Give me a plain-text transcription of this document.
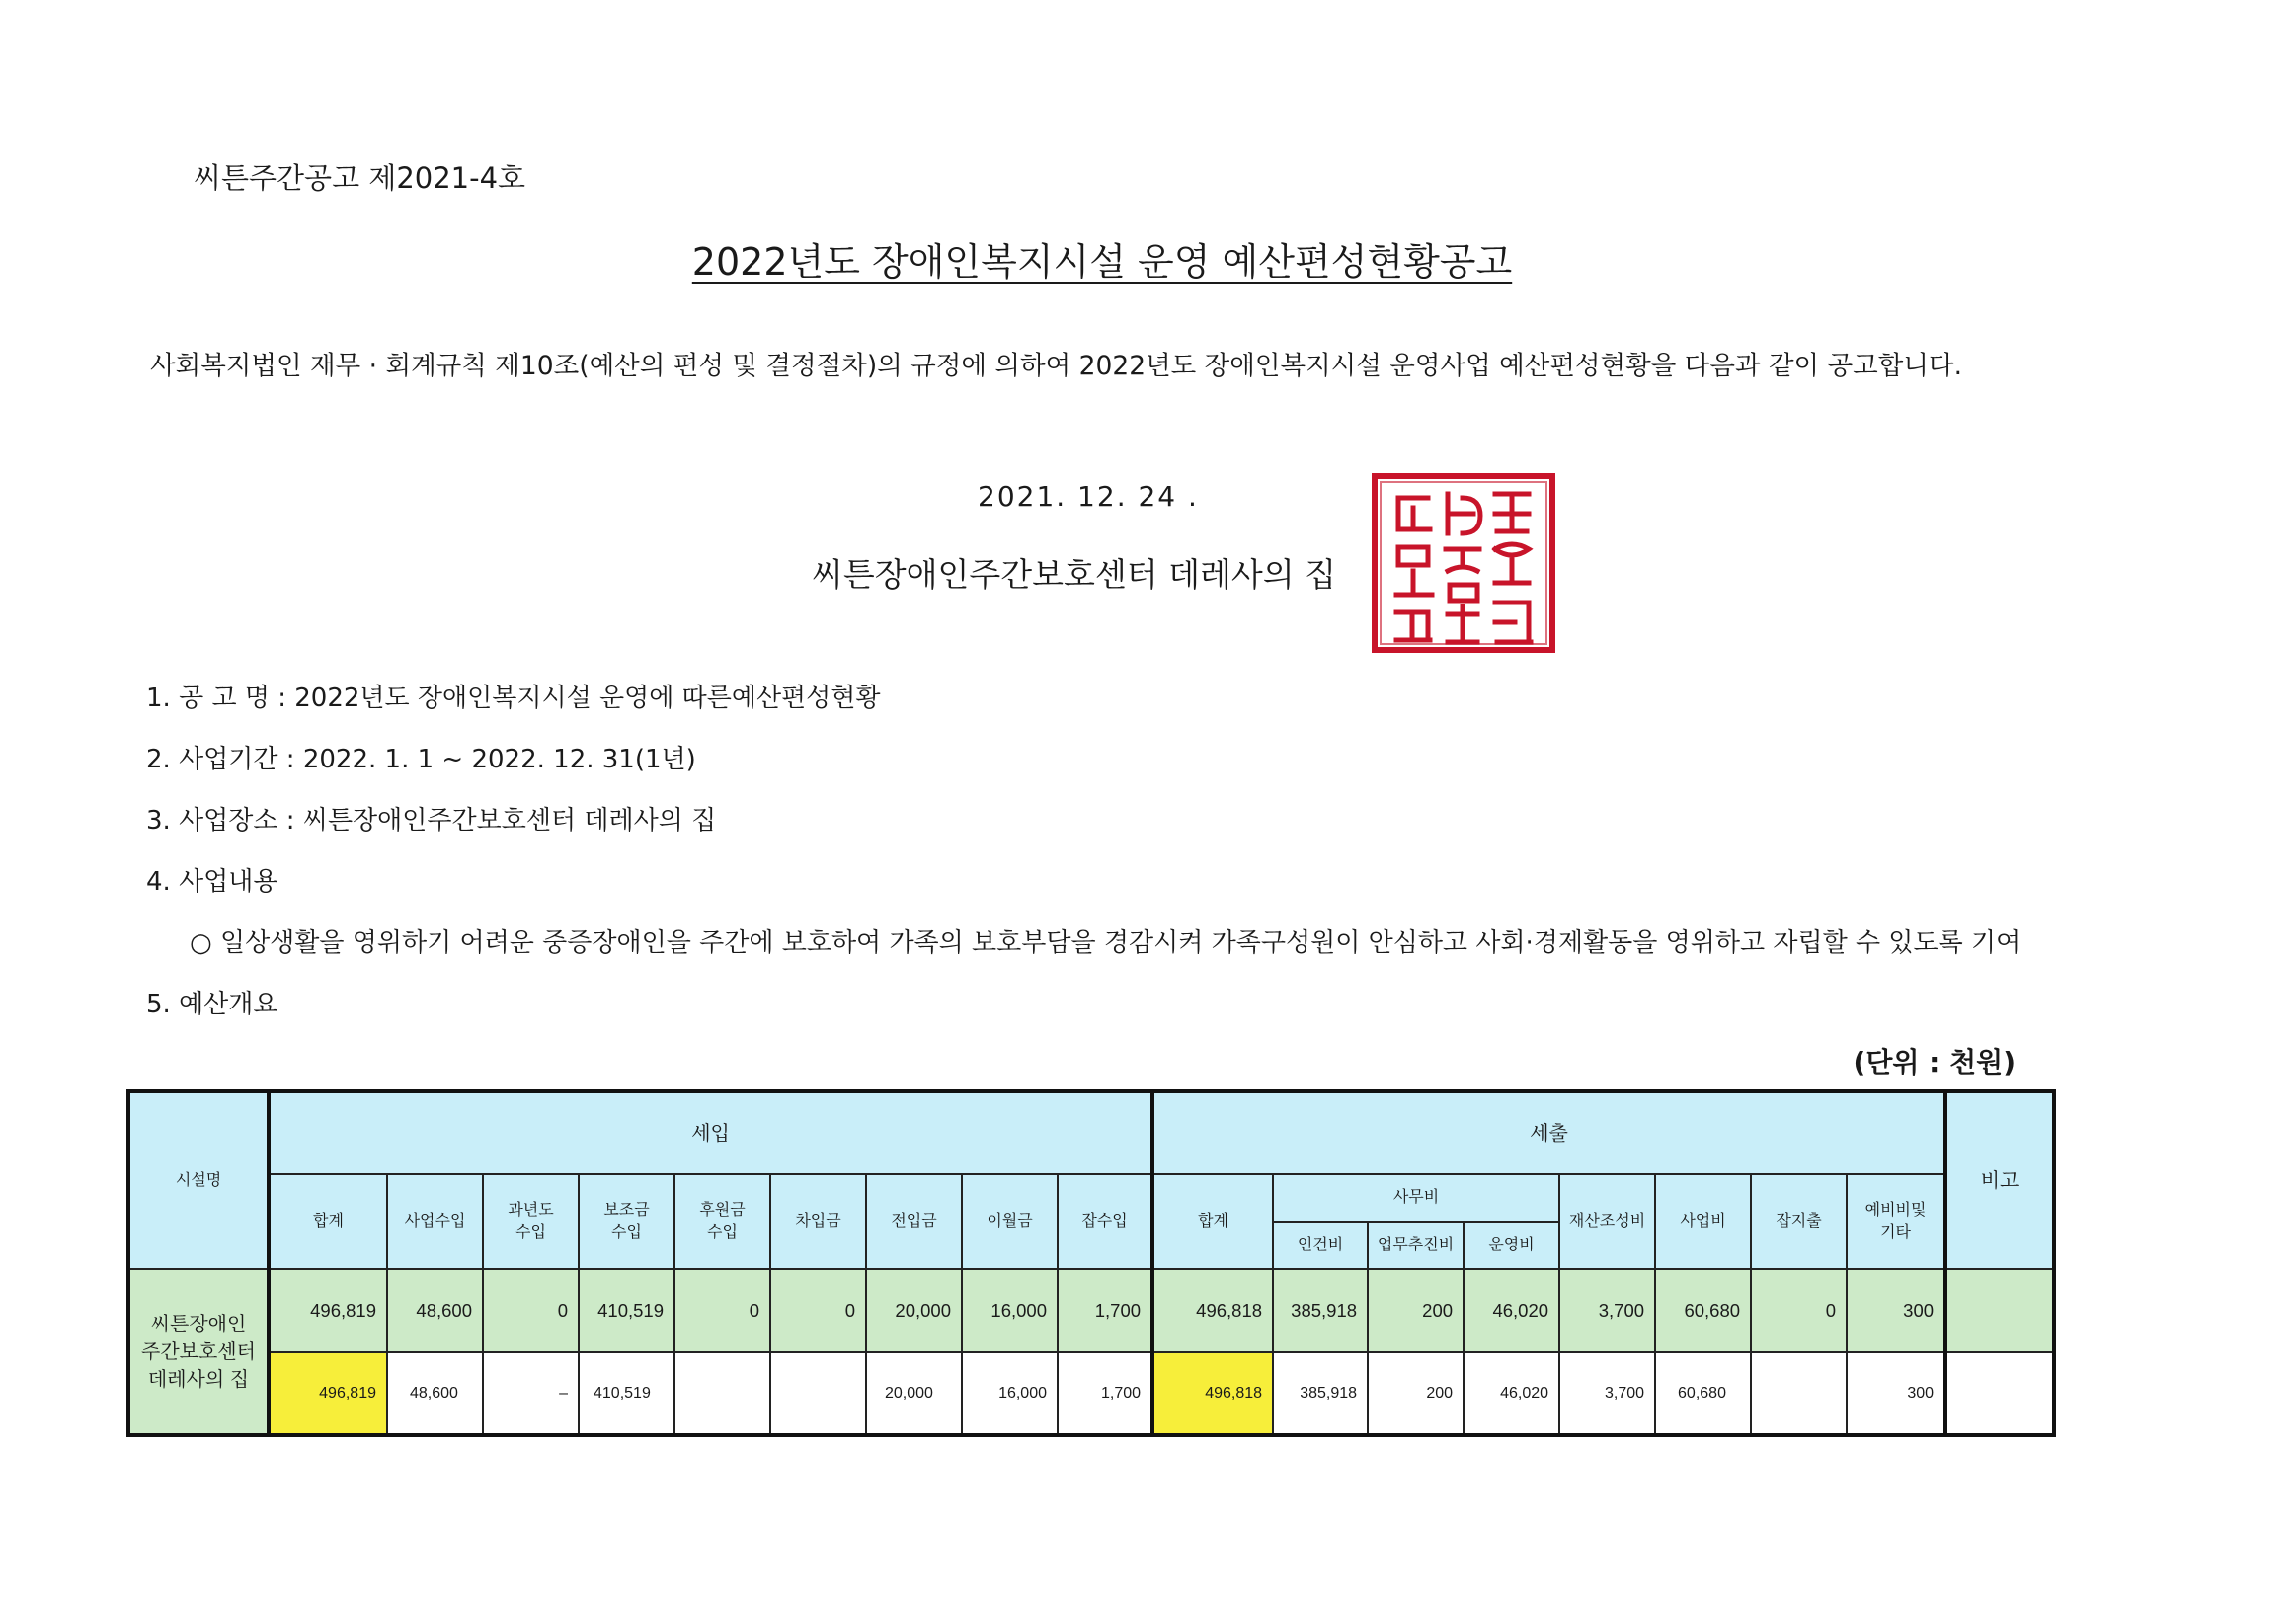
씨튼주간공고 제2021-4호
2022년도 장애인복지시설 운영 예산편성현황공고
사회복지법인 재무 · 회계규칙 제10조(예산의 편성 및 결정절차)의 규정에 의하여 2022년도 장애인복지시설 운영사업 예산편성현황을 다음과 같이 공고합니다.
2021. 12. 24 .
씨튼장애인주간보호센터 데레사의 집
1. 공 고 명 : 2022년도 장애인복지시설 운영에 따른예산편성현황
2. 사업기간 : 2022. 1. 1 ~ 2022. 12. 31(1년)
3. 사업장소 : 씨튼장애인주간보호센터 데레사의 집
4. 사업내용
○ 일상생활을 영위하기 어려운 중증장애인을 주간에 보호하여 가족의 보호부담을 경감시켜 가족구성원이 안심하고 사회·경제활동을 영위하고 자립할 수 있도록 기여
5. 예산개요
(단위 : 천원)
시설명	세입									세출								비고
	합계	사업수입	과년도
수입	보조금
수입	후원금
수입	차입금	전입금	이월금	잡수입	합계	사무비			재산조성비	사업비	잡지출	예비비및
기타	
											인건비	업무추진비	운영비					

씨튼장애인
주간보호센터
데레사의 집	496,819	48,600	0	410,519	0	0	20,000	16,000	1,700	496,818	385,918	200	46,020	3,700	60,680	0	300	
	496,819	48,600	–	410,519			20,000	16,000	1,700	496,818	385,918	200	46,020	3,700	60,680		300	
